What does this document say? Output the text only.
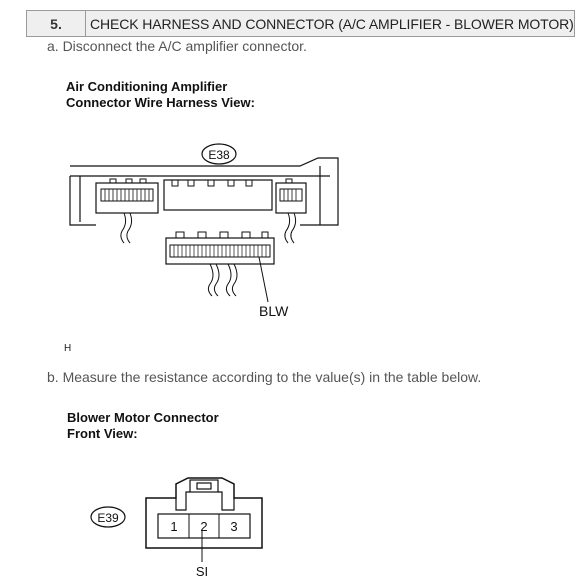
5.	CHECK HARNESS AND CONNECTOR (A/C AMPLIFIER - BLOWER MOTOR)
a. Disconnect the A/C amplifier connector.
Air Conditioning Amplifier
Connector Wire Harness View:
E38
BLW
E39
1 2 3
SI
H
b. Measure the resistance according to the value(s) in the table below.
Blower Motor Connector
Front View:
